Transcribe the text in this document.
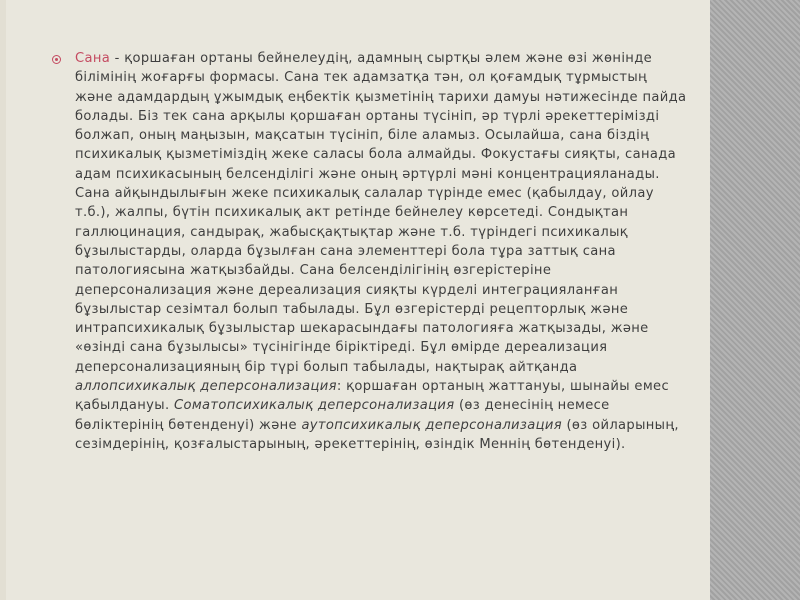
Сана - қоршаған ортаны бейнелеудің, адамның сыртқы әлем және өзі жөнінде білімінің жоғарғы формасы. Сана тек адамзатқа тән, ол қоғамдық тұрмыстың және адамдардың ұжымдық еңбектік қызметінің тарихи дамуы нәтижесінде пайда болады. Біз тек сана арқылы қоршаған ортаны түсініп, әр түрлі әрекеттерімізді болжап, оның маңызын, мақсатын түсініп, біле аламыз. Осылайша, сана біздің психикалық қызметіміздің жеке саласы бола алмайды. Фокустағы сияқты, санада адам психикасының белсенділігі және оның әртүрлі мәні концентрацияланады. Сана айқындылығын жеке психикалық салалар түрінде емес (қабылдау, ойлау т.б.), жалпы, бүтін психикалық акт ретінде бейнелеу көрсетеді. Сондықтан галлюцинация, сандырақ, жабысқақтықтар және т.б. түріндегі психикалық бұзылыстарды, оларда бұзылған сана элементтері бола тұра заттық сана патологиясына жатқызбайды. Сана белсенділігінің өзгерістеріне деперсонализация және дереализация сияқты күрделі интеграцияланған бұзылыстар сезімтал болып табылады. Бұл өзгерістерді рецепторлық және интрапсихикалық бұзылыстар шекарасындағы патологияға жатқызады, және «өзінді сана бұзылысы» түсінігінде біріктіреді. Бұл өмірде дереализация деперсонализацияның бір түрі болып табылады, нақтырақ айтқанда аллопсихикалық деперсонализация: қоршаған ортаның жаттануы, шынайы емес қабылдануы. Соматопсихикалық деперсонализация (өз денесінің немесе бөліктерінің бөтенденуі) және аутопсихикалық деперсонализация (өз ойларының, сезімдерінің, қозғалыстарының, әрекеттерінің, өзіндік Меннің бөтенденуі).
